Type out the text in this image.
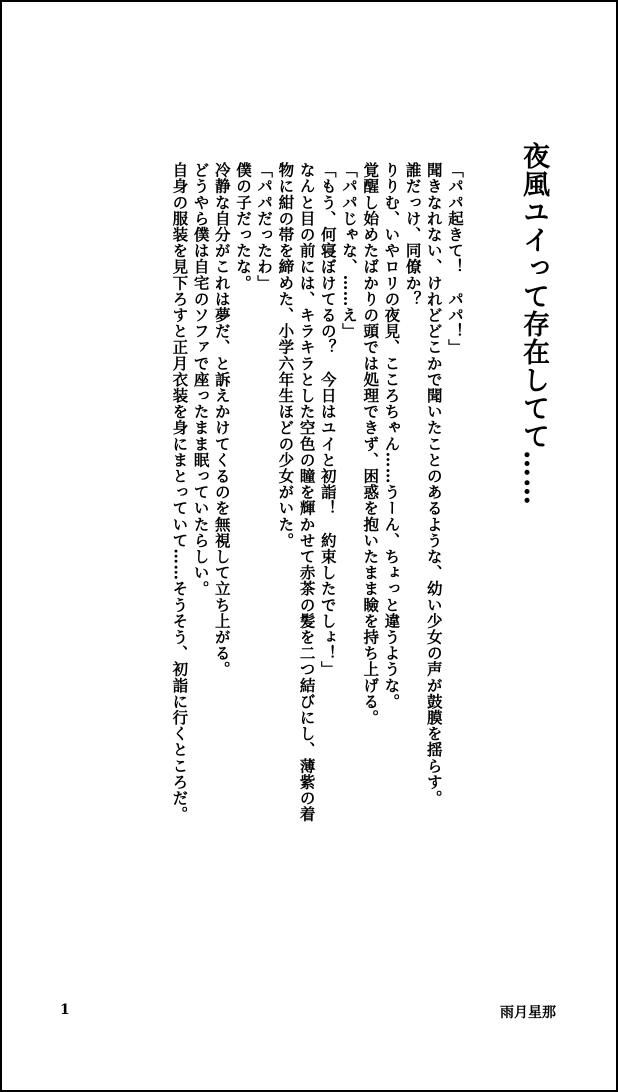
夜風ユイって存在してて……

「パパ起きて！　パパ！」

聞きなれない、けれどどこかで聞いたことのあるような、幼い少女の声が鼓膜を揺らす。

誰だっけ、同僚か？

りりむ、いやロリの夜見、こころちゃん……うーん、ちょっと違うような。

覚醒し始めたばかりの頭では処理できず、困惑を抱いたまま瞼を持ち上げる。

「パパじゃな、……え」

「もう、何寝ぼけてるの？　今日はユイと初詣！　約束したでしょ！」

なんと目の前には、キラキラとした空色の瞳を輝かせて赤茶の髪を二つ結びにし、薄紫の着

物に紺の帯を締めた、小学六年生ほどの少女がいた。

「パパだったわ」

僕の子だったな。

冷静な自分がこれは夢だ、と訴えかけてくるのを無視して立ち上がる。

どうやら僕は自宅のソファで座ったまま眠っていたらしい。

自身の服装を見下ろすと正月衣装を身にまとっていて……そうそう、初詣に行くところだ。

1	雨月星那
